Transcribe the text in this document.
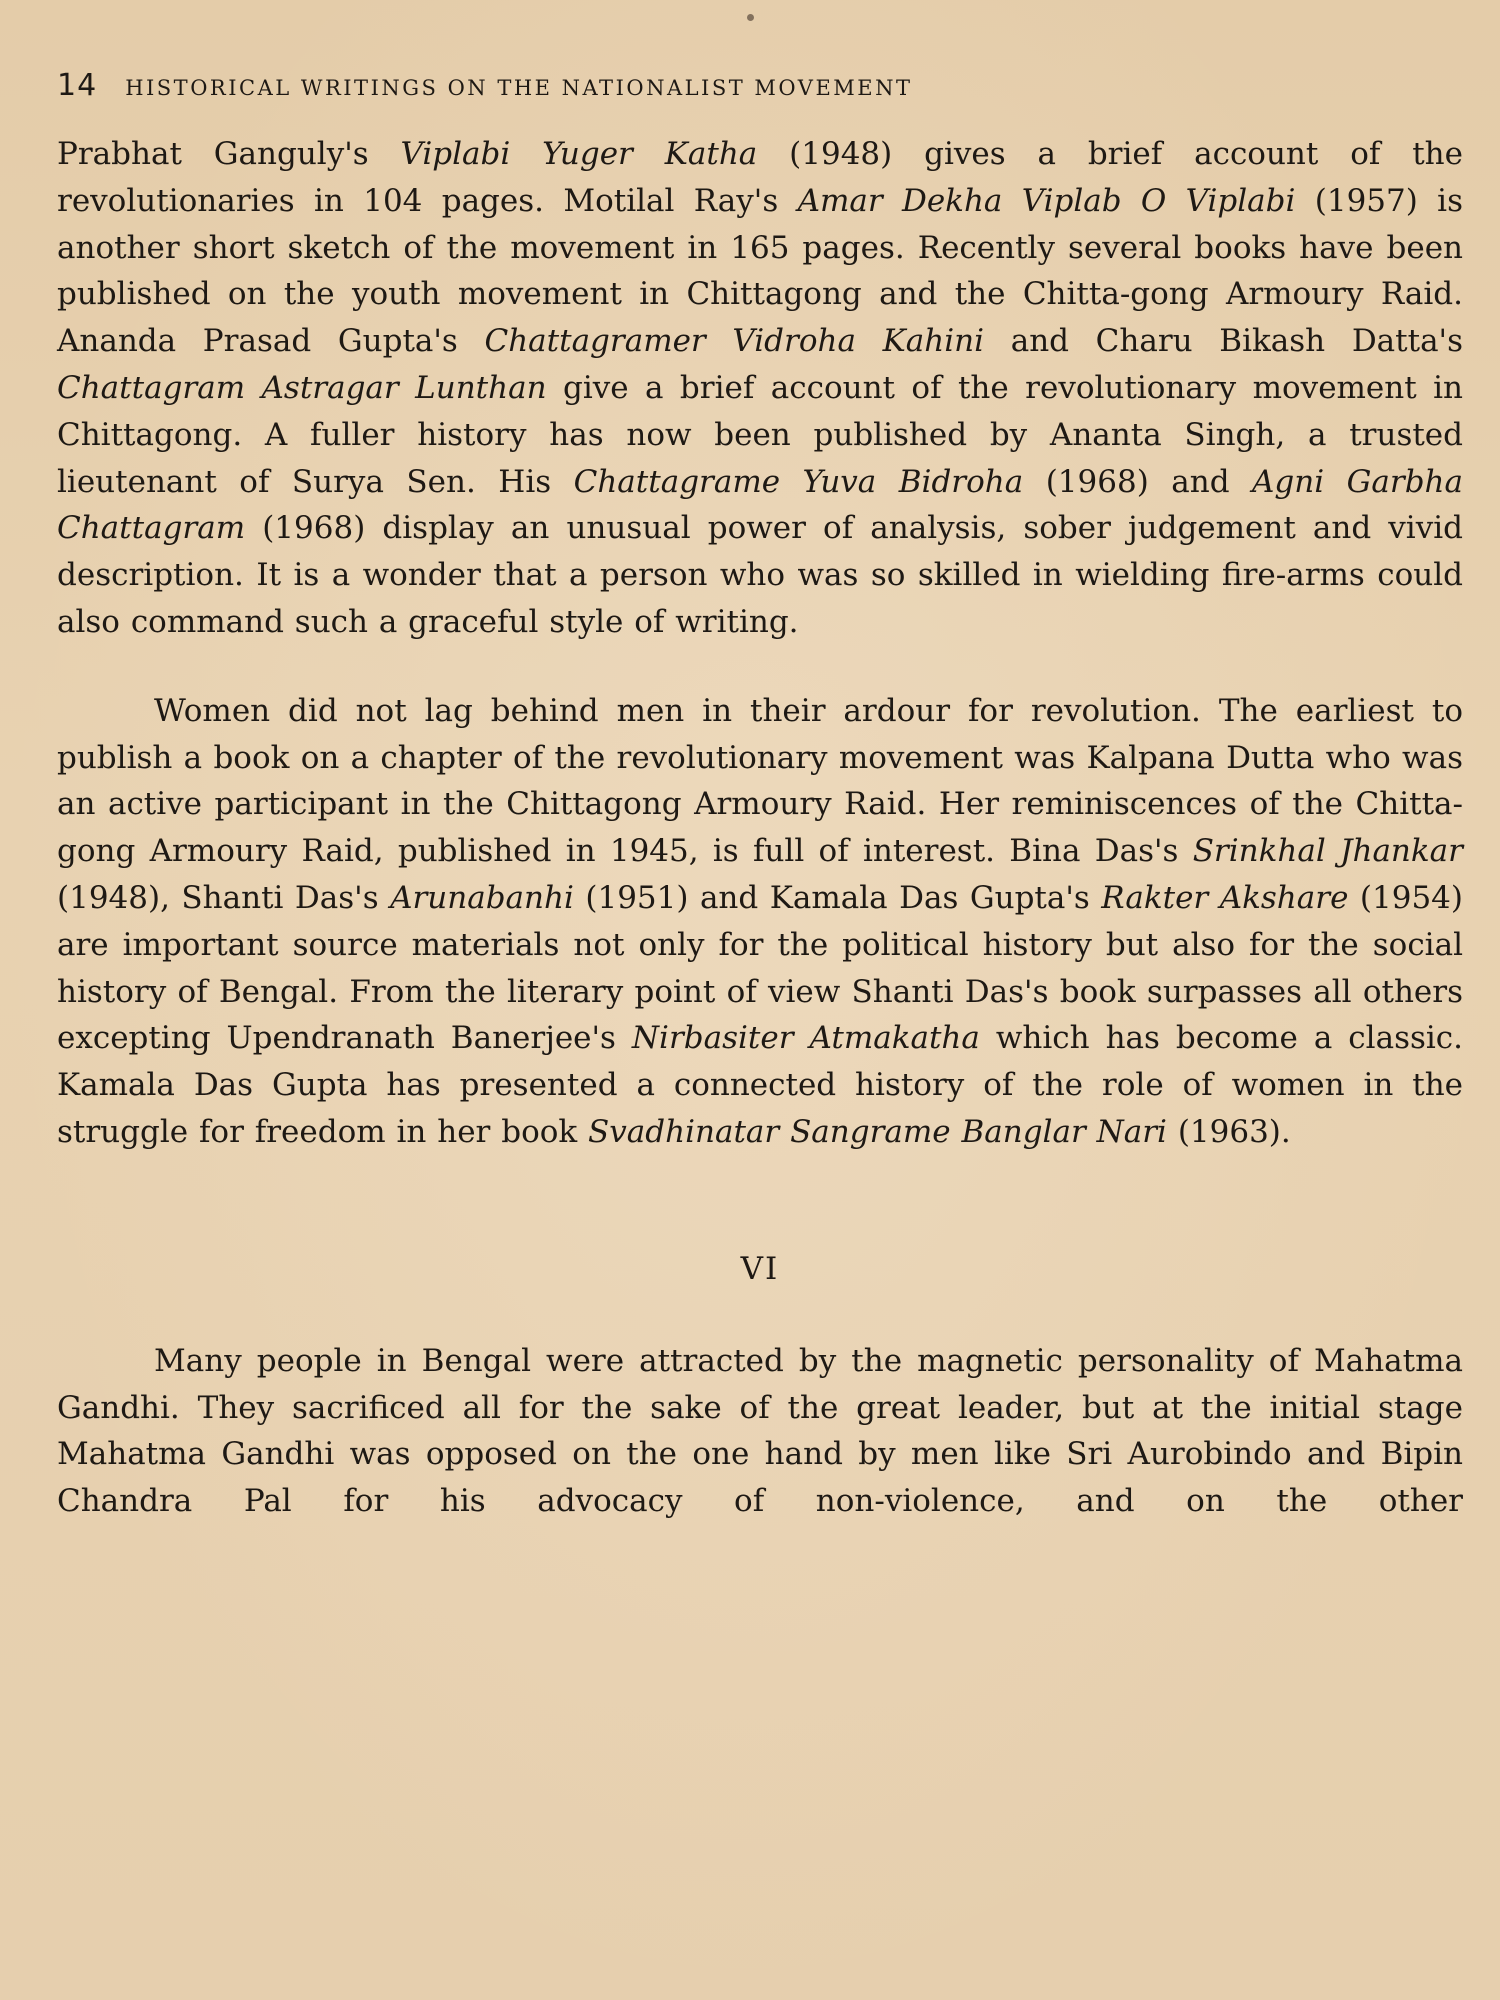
14 HISTORICAL WRITINGS ON THE NATIONALIST MOVEMENT

Prabhat Ganguly's Viplabi Yuger Katha (1948) gives a brief account of the revolutionaries in 104 pages. Motilal Ray's Amar Dekha Viplab O Viplabi (1957) is another short sketch of the movement in 165 pages. Recently several books have been published on the youth movement in Chittagong and the Chitta-gong Armoury Raid. Ananda Prasad Gupta's Chattagramer Vidroha Kahini and Charu Bikash Datta's Chattagram Astragar Lunthan give a brief account of the revolutionary movement in Chittagong. A fuller history has now been published by Ananta Singh, a trusted lieutenant of Surya Sen. His Chattagrame Yuva Bidroha (1968) and Agni Garbha Chattagram (1968) display an unusual power of analysis, sober judgement and vivid description. It is a wonder that a person who was so skilled in wielding fire-arms could also command such a graceful style of writing.

Women did not lag behind men in their ardour for revolution. The earliest to publish a book on a chapter of the revolutionary movement was Kalpana Dutta who was an active participant in the Chittagong Armoury Raid. Her reminiscences of the Chitta-gong Armoury Raid, published in 1945, is full of interest. Bina Das's Srinkhal Jhankar (1948), Shanti Das's Arunabanhi (1951) and Kamala Das Gupta's Rakter Akshare (1954) are important source materials not only for the political history but also for the social history of Bengal. From the literary point of view Shanti Das's book surpasses all others excepting Upendranath Banerjee's Nirbasiter Atmakatha which has become a classic. Kamala Das Gupta has presented a connected history of the role of women in the struggle for freedom in her book Svadhinatar Sangrame Banglar Nari (1963).

VI

Many people in Bengal were attracted by the magnetic personality of Mahatma Gandhi. They sacrificed all for the sake of the great leader, but at the initial stage Mahatma Gandhi was opposed on the one hand by men like Sri Aurobindo and Bipin Chandra Pal for his advocacy of non-violence, and on the other
